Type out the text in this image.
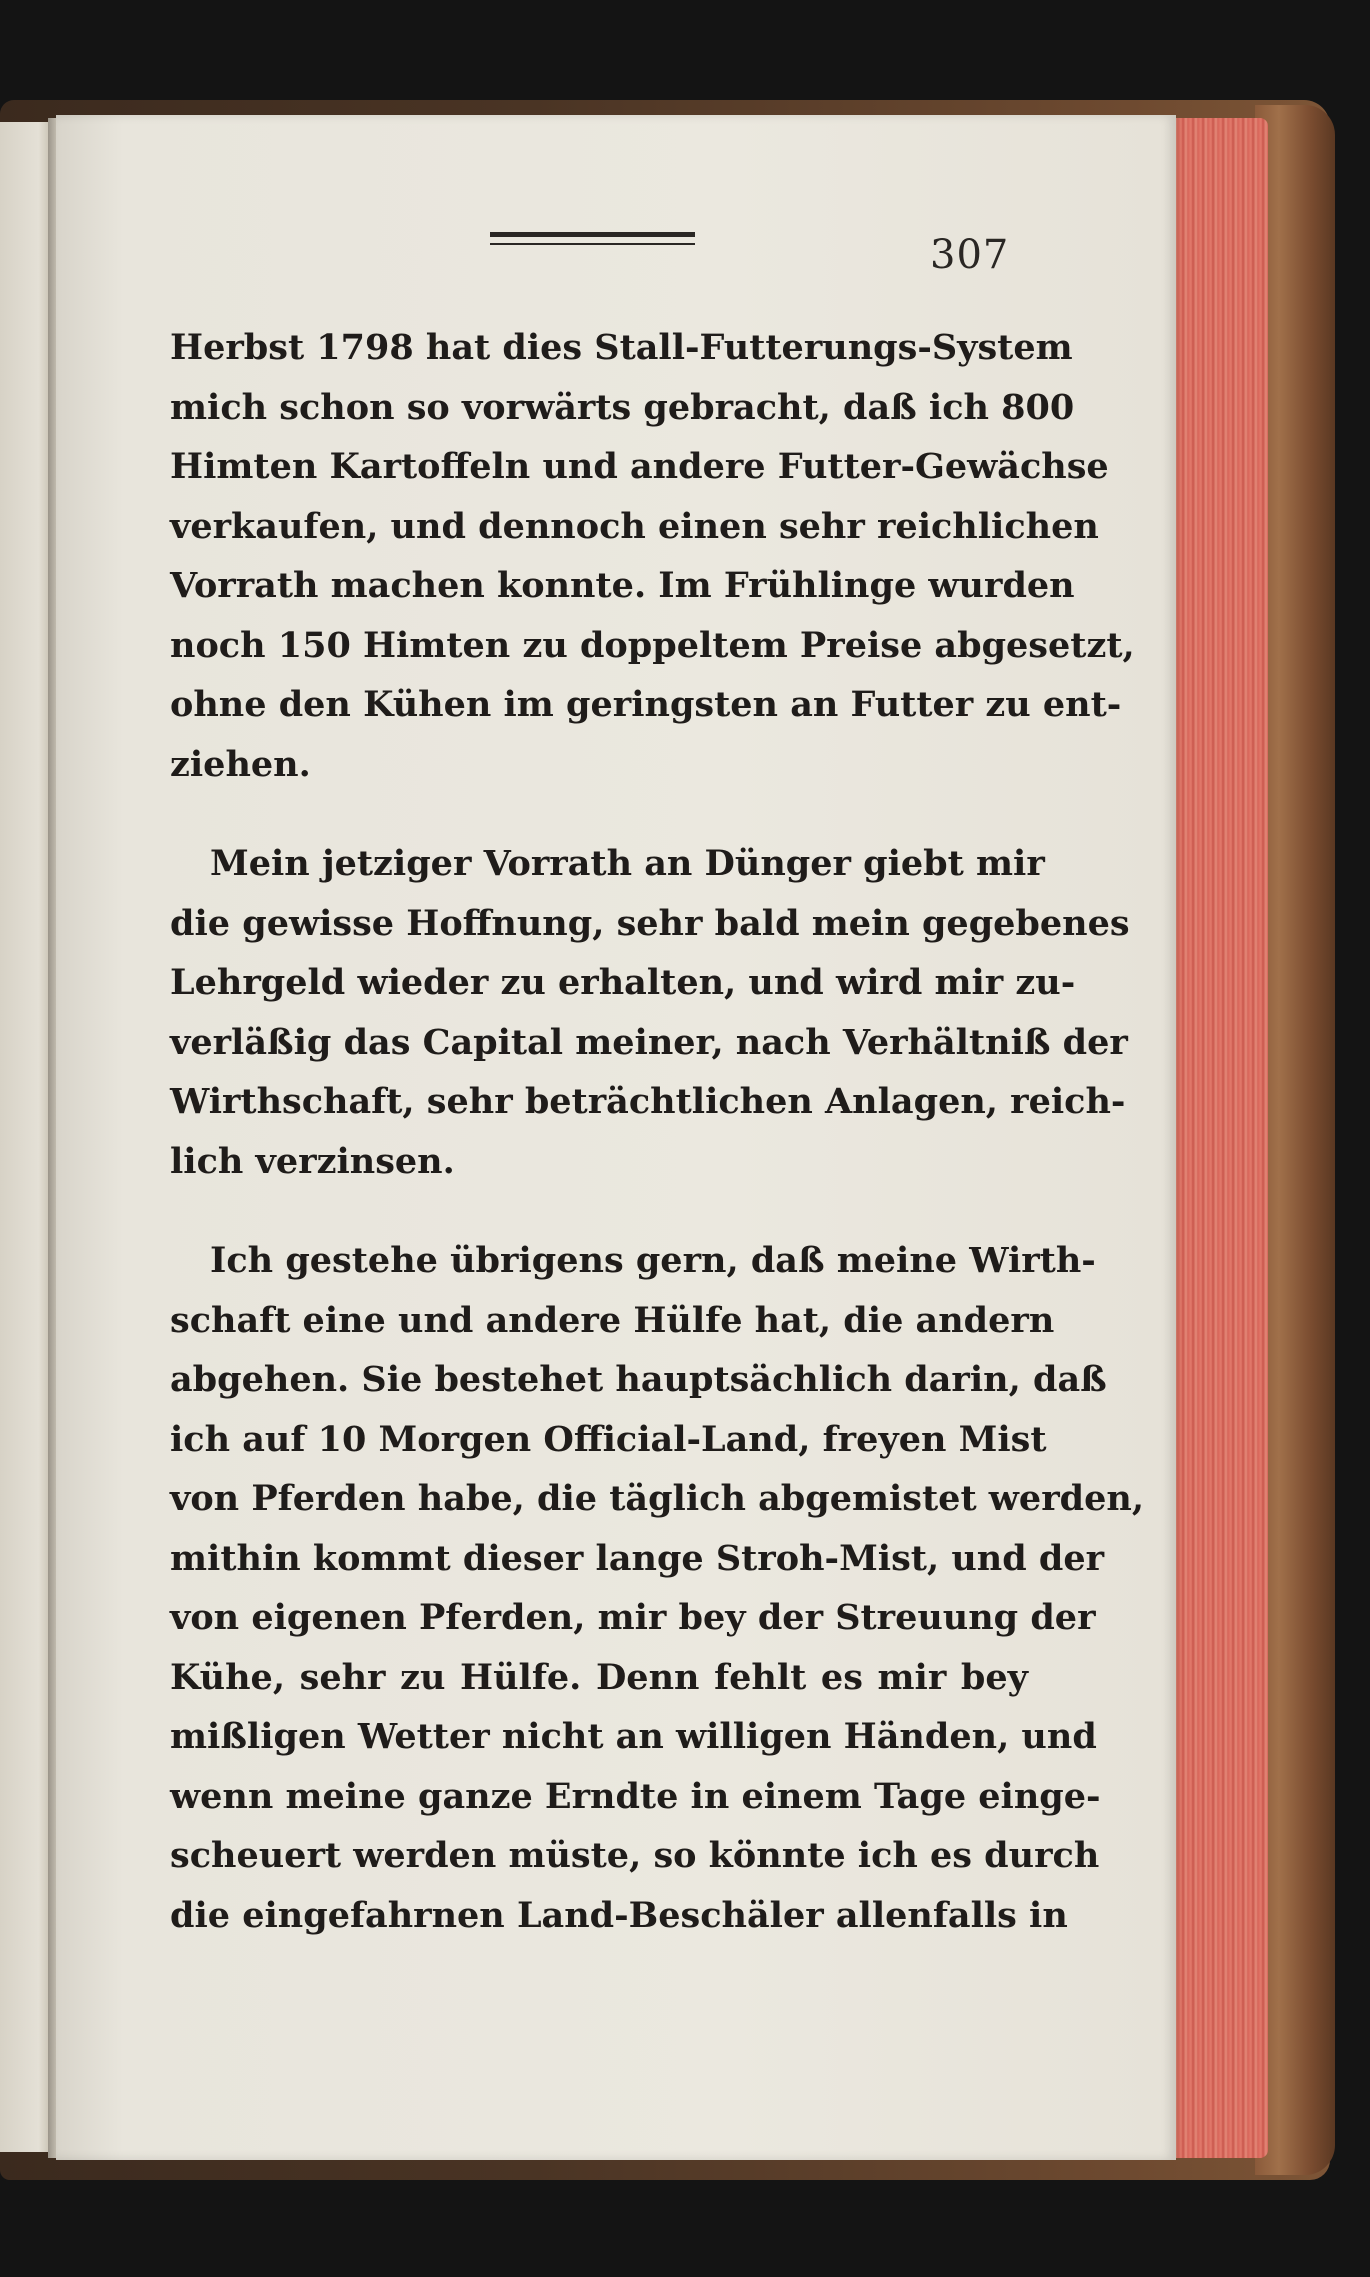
307
Herbst 1798 hat dies Stall-Futterungs-System
mich schon so vorwärts gebracht, daß ich 800
Himten Kartoffeln und andere Futter-Gewächse
verkaufen, und dennoch einen sehr reichlichen
Vorrath machen konnte. Im Frühlinge wurden
noch 150 Himten zu doppeltem Preise abgesetzt,
ohne den Kühen im geringsten an Futter zu ent-
ziehen.
Mein jetziger Vorrath an Dünger giebt mir
die gewisse Hoffnung, sehr bald mein gegebenes
Lehrgeld wieder zu erhalten, und wird mir zu-
verläßig das Capital meiner, nach Verhältniß der
Wirthschaft, sehr beträchtlichen Anlagen, reich-
lich verzinsen.
Ich gestehe übrigens gern, daß meine Wirth-
schaft eine und andere Hülfe hat, die andern
abgehen. Sie bestehet hauptsächlich darin, daß
ich auf 10 Morgen Official-Land, freyen Mist
von Pferden habe, die täglich abgemistet werden,
mithin kommt dieser lange Stroh-Mist, und der
von eigenen Pferden, mir bey der Streuung der
Kühe, sehr zu Hülfe. Denn fehlt es mir bey
mißligen Wetter nicht an willigen Händen, und
wenn meine ganze Erndte in einem Tage einge-
scheuert werden müste, so könnte ich es durch
die eingefahrnen Land-Beschäler allenfalls in
